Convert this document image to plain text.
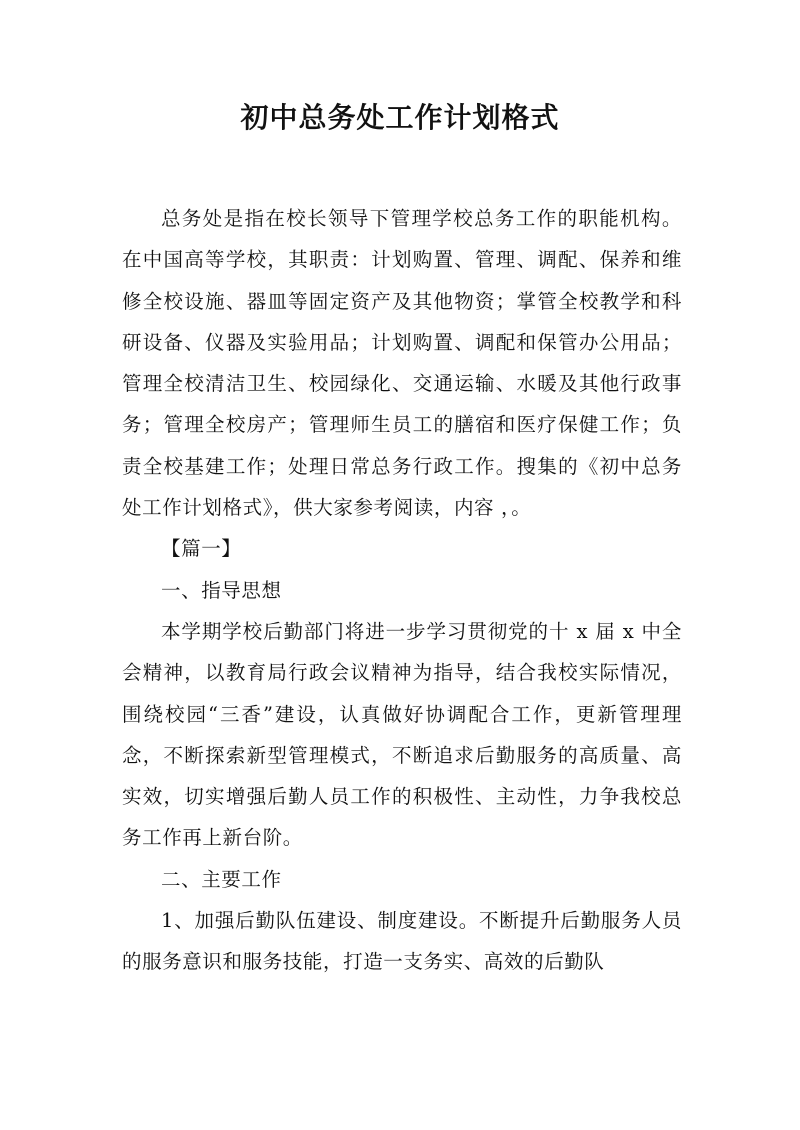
初中总务处工作计划格式

总务处是指在校长领导下管理学校总务工作的职能机构。在中国高等学校，其职责：计划购置、管理、调配、保养和维修全校设施、器皿等固定资产及其他物资；掌管全校教学和科研设备、仪器及实验用品；计划购置、调配和保管办公用品；管理全校清洁卫生、校园绿化、交通运输、水暖及其他行政事务；管理全校房产；管理师生员工的膳宿和医疗保健工作；负责全校基建工作；处理日常总务行政工作。搜集的《初中总务处工作计划格式》，供大家参考阅读，内容 ，。

【篇一】

一、指导思想

本学期学校后勤部门将进一步学习贯彻党的十 x 届 x 中全会精神，以教育局行政会议精神为指导，结合我校实际情况，围绕校园“三香”建设，认真做好协调配合工作，更新管理理念，不断探索新型管理模式，不断追求后勤服务的高质量、高实效，切实增强后勤人员工作的积极性、主动性，力争我校总务工作再上新台阶。

二、主要工作

1、加强后勤队伍建设、制度建设。不断提升后勤服务人员的服务意识和服务技能，打造一支务实、高效的后勤队
